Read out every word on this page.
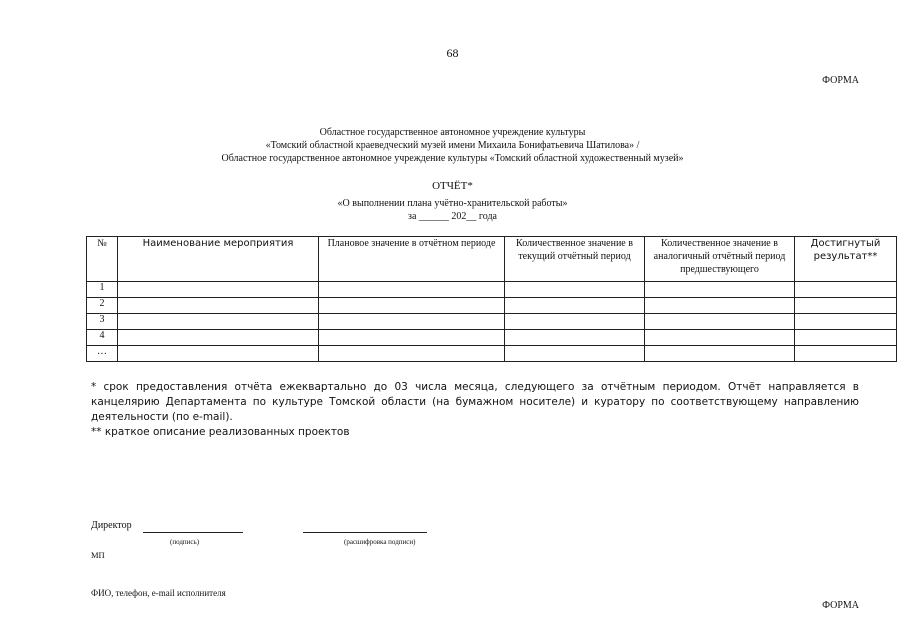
68
ФОРМА
Областное государственное автономное учреждение культуры
«Томский областной краеведческий музей имени Михаила Бонифатьевича Шатилова» /
Областное государственное автономное учреждение культуры «Томский областной художественный музей»
ОТЧЁТ*
«О выполнении плана учётно-хранительской работы»
за ______ 202__ года
№	Наименование мероприятия	Плановое значение в отчётном периоде	Количественное значение в текущий отчётный период	Количественное значение в аналогичный отчётный период предшествующего	Достигнутый результат**
1					
2					
3					
4					
…					

* срок предоставления отчёта ежеквартально до 03 числа месяца, следующего за отчётным периодом. Отчёт направляется в канцелярию Департамента по культуре Томской области (на бумажном носителе) и куратору по соответствующему направлению деятельности (по e-mail).

** краткое описание реализованных проектов

Директор
(подпись)	(расшифровка подписи)
МП
ФИО, телефон, e-mail исполнителя
ФОРМА
